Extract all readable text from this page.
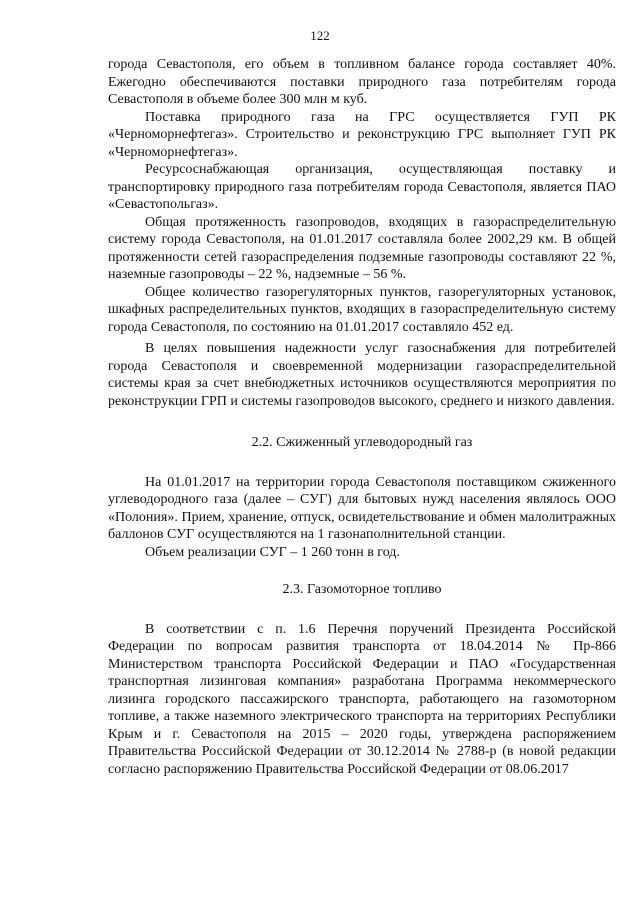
122

города Севастополя, его объем в топливном балансе города составляет 40%. Ежегодно обеспечиваются поставки природного газа потребителям города Севастополя в объеме более 300 млн м куб.

Поставка природного газа на ГРС осуществляется ГУП РК «Черноморнефтегаз». Строительство и реконструкцию ГРС выполняет ГУП РК «Черноморнефтегаз».

Ресурсоснабжающая организация, осуществляющая поставку и транспортировку природного газа потребителям города Севастополя, является ПАО «Севастопольгаз».

Общая протяженность газопроводов, входящих в газораспределительную систему города Севастополя, на 01.01.2017 составляла более 2002,29 км. В общей протяженности сетей газораспределения подземные газопроводы составляют 22 %, наземные газопроводы – 22 %, надземные – 56 %.

Общее количество газорегуляторных пунктов, газорегуляторных установок, шкафных распределительных пунктов, входящих в газораспределительную систему города Севастополя, по состоянию на 01.01.2017 составляло 452 ед.

В целях повышения надежности услуг газоснабжения для потребителей города Севастополя и своевременной модернизации газораспределительной системы края за счет внебюджетных источников осуществляются мероприятия по реконструкции ГРП и системы газопроводов высокого, среднего и низкого давления.

2.2. Сжиженный углеводородный газ

На 01.01.2017 на территории города Севастополя поставщиком сжиженного углеводородного газа (далее – СУГ) для бытовых нужд населения являлось ООО «Полония». Прием, хранение, отпуск, освидетельствование и обмен малолитражных баллонов СУГ осуществляются на 1 газонаполнительной станции.

Объем реализации СУГ – 1 260 тонн в год.

2.3. Газомоторное топливо

В соответствии с п. 1.6 Перечня поручений Президента Российской Федерации по вопросам развития транспорта от 18.04.2014 № Пр-866 Министерством транспорта Российской Федерации и ПАО «Государственная транспортная лизинговая компания» разработана Программа некоммерческого лизинга городского пассажирского транспорта, работающего на газомоторном топливе, а также наземного электрического транспорта на территориях Республики Крым и г. Севастополя на 2015 – 2020 годы, утверждена распоряжением Правительства Российской Федерации от 30.12.2014 № 2788-р (в новой редакции согласно распоряжению Правительства Российской Федерации от 08.06.2017
